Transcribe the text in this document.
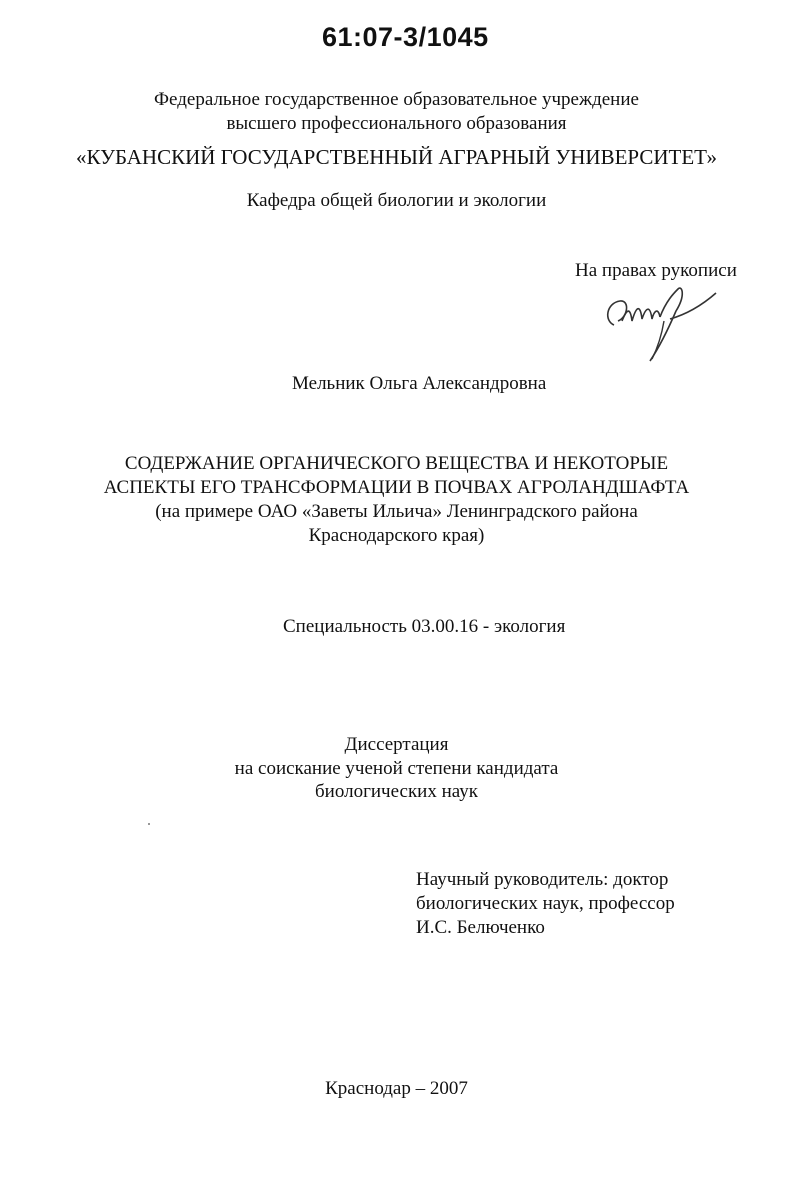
61:07-3/1045
Федеральное государственное образовательное учреждение
высшего профессионального образования
«КУБАНСКИЙ ГОСУДАРСТВЕННЫЙ АГРАРНЫЙ УНИВЕРСИТЕТ»
Кафедра общей биологии и экологии
На правах рукописи
Мельник Ольга Александровна
СОДЕРЖАНИЕ ОРГАНИЧЕСКОГО ВЕЩЕСТВА И НЕКОТОРЫЕ
АСПЕКТЫ ЕГО ТРАНСФОРМАЦИИ В ПОЧВАХ АГРОЛАНДШАФТА
(на примере ОАО «Заветы Ильича» Ленинградского района
Краснодарского края)
Специальность 03.00.16 - экология
Диссертация
на соискание ученой степени кандидата
биологических наук
Научный руководитель: доктор
биологических наук, профессор
И.С. Белюченко
Краснодар – 2007
